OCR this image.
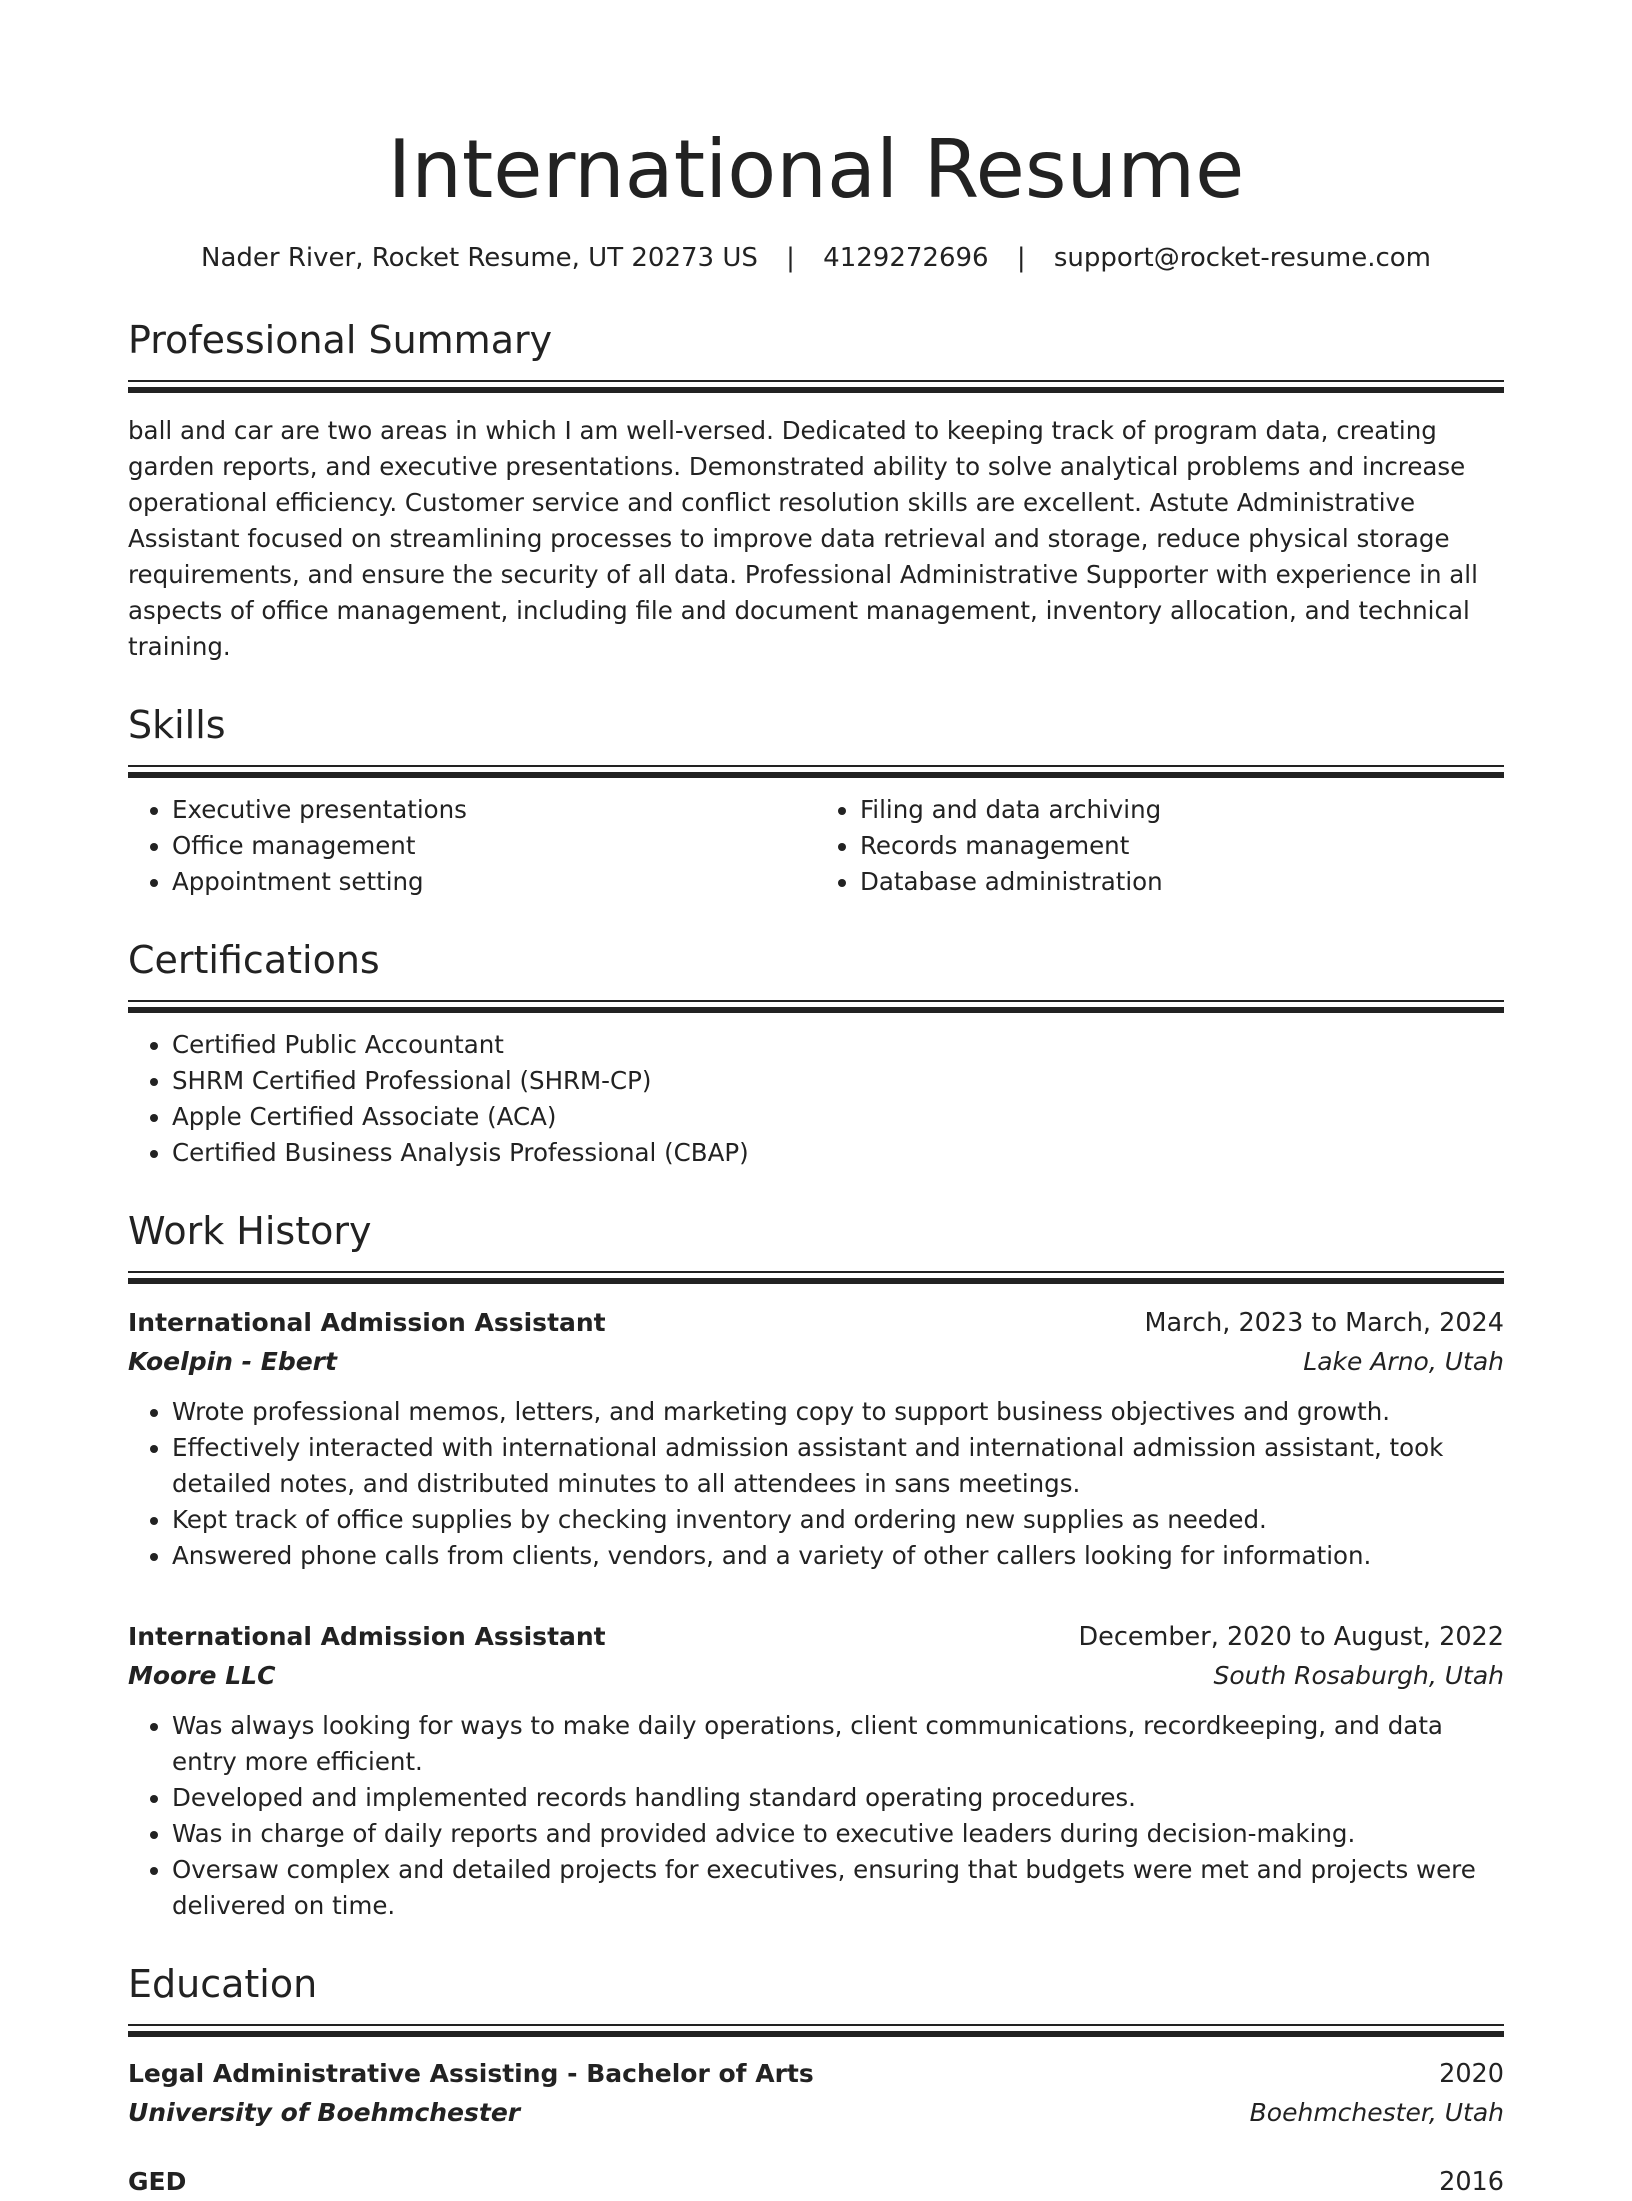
International Resume
Nader River, Rocket Resume, UT 20273 US | 4129272696 | support@rocket-resume.com
Professional Summary
ball and car are two areas in which I am well-versed. Dedicated to keeping track of program data, creating garden reports, and executive presentations. Demonstrated ability to solve analytical problems and increase operational efficiency. Customer service and conflict resolution skills are excellent. Astute Administrative Assistant focused on streamlining processes to improve data retrieval and storage, reduce physical storage requirements, and ensure the security of all data. Professional Administrative Supporter with experience in all aspects of office management, including file and document management, inventory allocation, and technical training.
Skills
• Executive presentations
• Office management
• Appointment setting
• Filing and data archiving
• Records management
• Database administration
Certifications
• Certified Public Accountant
• SHRM Certified Professional (SHRM-CP)
• Apple Certified Associate (ACA)
• Certified Business Analysis Professional (CBAP)
Work History
International Admission Assistant	March, 2023 to March, 2024
Koelpin - Ebert	Lake Arno, Utah
• Wrote professional memos, letters, and marketing copy to support business objectives and growth.
• Effectively interacted with international admission assistant and international admission assistant, took detailed notes, and distributed minutes to all attendees in sans meetings.
• Kept track of office supplies by checking inventory and ordering new supplies as needed.
• Answered phone calls from clients, vendors, and a variety of other callers looking for information.
International Admission Assistant	December, 2020 to August, 2022
Moore LLC	South Rosaburgh, Utah
• Was always looking for ways to make daily operations, client communications, recordkeeping, and data entry more efficient.
• Developed and implemented records handling standard operating procedures.
• Was in charge of daily reports and provided advice to executive leaders during decision-making.
• Oversaw complex and detailed projects for executives, ensuring that budgets were met and projects were delivered on time.
Education
Legal Administrative Assisting - Bachelor of Arts	2020
University of Boehmchester	Boehmchester, Utah
GED	2016
